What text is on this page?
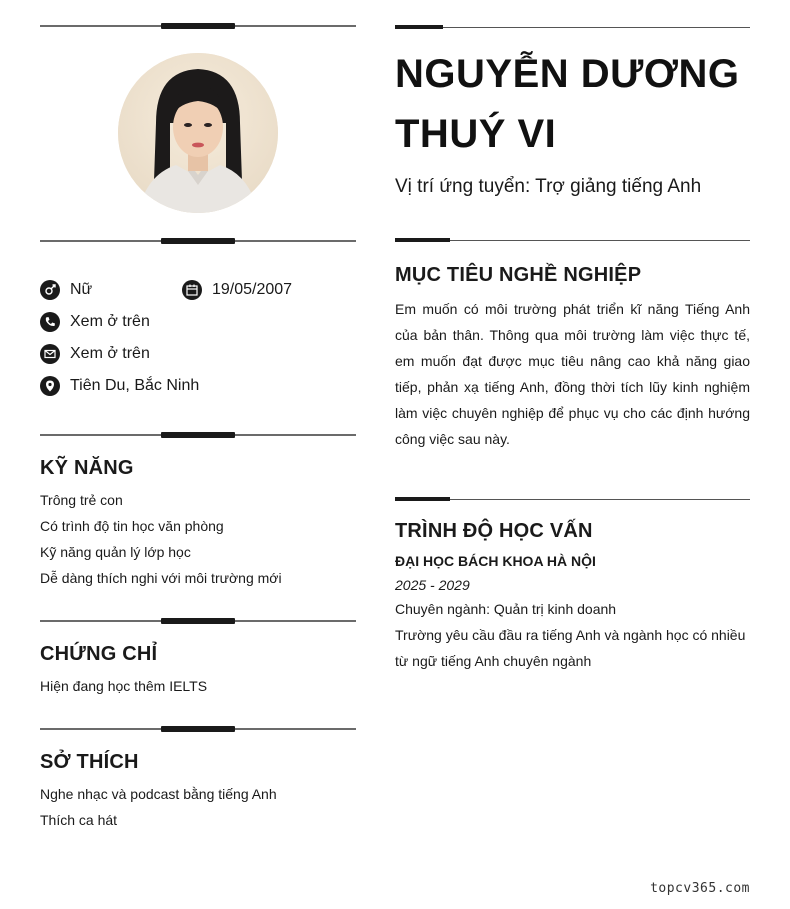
Nữ	19/05/2007
Xem ở trên
Xem ở trên
Tiên Du, Bắc Ninh
KỸ NĂNG
Trông trẻ con
Có trình độ tin học văn phòng
Kỹ năng quản lý lớp học
Dễ dàng thích nghi với môi trường mới
CHỨNG CHỈ
Hiện đang học thêm IELTS
SỞ THÍCH
Nghe nhạc và podcast bằng tiếng Anh
Thích ca hát
NGUYỄN DƯƠNG
THUÝ VI
Vị trí ứng tuyển: Trợ giảng tiếng Anh
MỤC TIÊU NGHỀ NGHIỆP
Em muốn có môi trường phát triển kĩ năng Tiếng Anh của bản thân. Thông qua môi trường làm việc thực tế, em muốn đạt được mục tiêu nâng cao khả năng giao tiếp, phản xạ tiếng Anh, đồng thời tích lũy kinh nghiệm làm việc chuyên nghiệp để phục vụ cho các định hướng công việc sau này.
TRÌNH ĐỘ HỌC VẤN
ĐẠI HỌC BÁCH KHOA HÀ NỘI
2025 - 2029
Chuyên ngành: Quản trị kinh doanh
Trường yêu cầu đầu ra tiếng Anh và ngành học có nhiều
từ ngữ tiếng Anh chuyên ngành
topcv365.com
